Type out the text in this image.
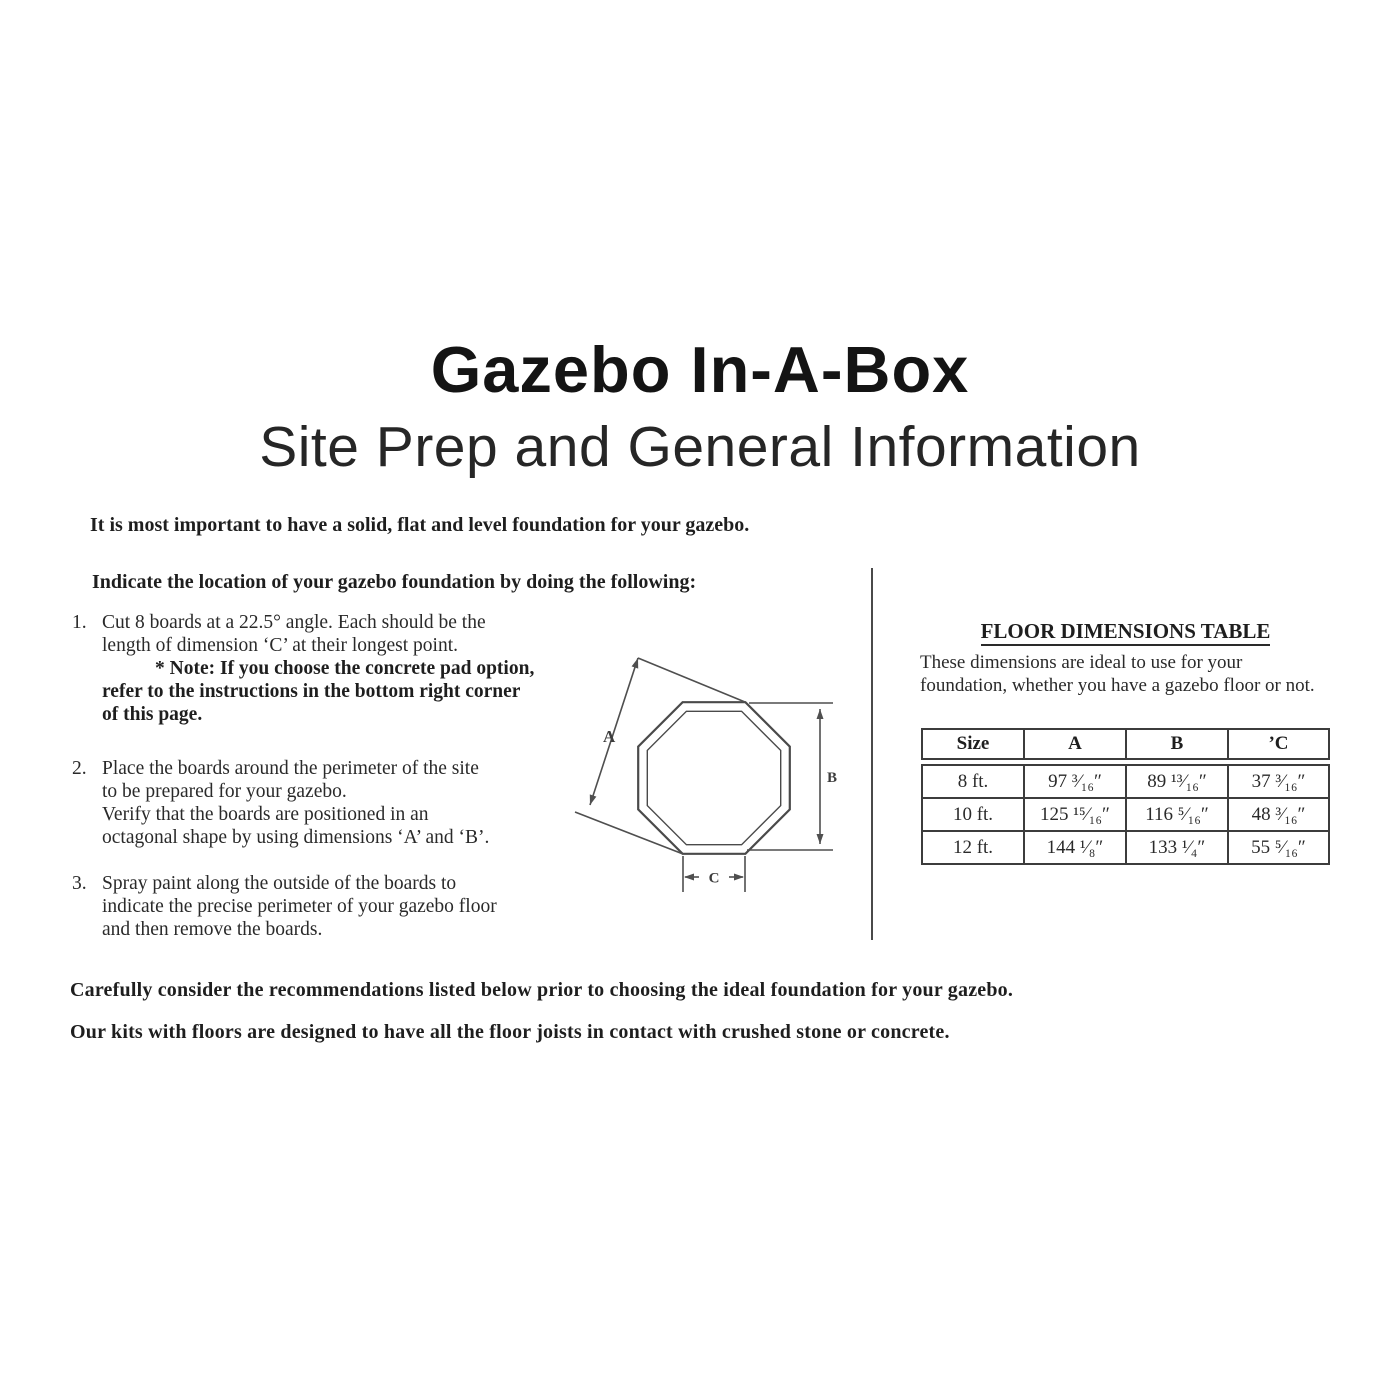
Gazebo In-A-Box
Site Prep and General Information
It is most important to have a solid, flat and level foundation for your gazebo.
Indicate the location of your gazebo foundation by doing the following:
1. Cut 8 boards at a 22.5° angle. Each should be the
length of dimension ‘C’ at their longest point.
* Note: If you choose the concrete pad option,
refer to the instructions in the bottom right corner
of this page.
2. Place the boards around the perimeter of the site
to be prepared for your gazebo.
Verify that the boards are positioned in an
octagonal shape by using dimensions ‘A’ and ‘B’.
3. Spray paint along the outside of the boards to
indicate the precise perimeter of your gazebo floor
and then remove the boards.
A
B
C
FLOOR DIMENSIONS TABLE
These dimensions are ideal to use for your foundation, whether you have a gazebo floor or not.
Size	A	B	’C
8 ft.	97 ³⁄₁₆″	89 ¹³⁄₁₆″	37 ³⁄₁₆″
10 ft.	125 ¹⁵⁄₁₆″	116 ⁵⁄₁₆″	48 ³⁄₁₆″
12 ft.	144 ¹⁄₈″	133 ¹⁄₄″	55 ⁵⁄₁₆″
Carefully consider the recommendations listed below prior to choosing the ideal foundation for your gazebo.
Our kits with floors are designed to have all the floor joists in contact with crushed stone or concrete.
